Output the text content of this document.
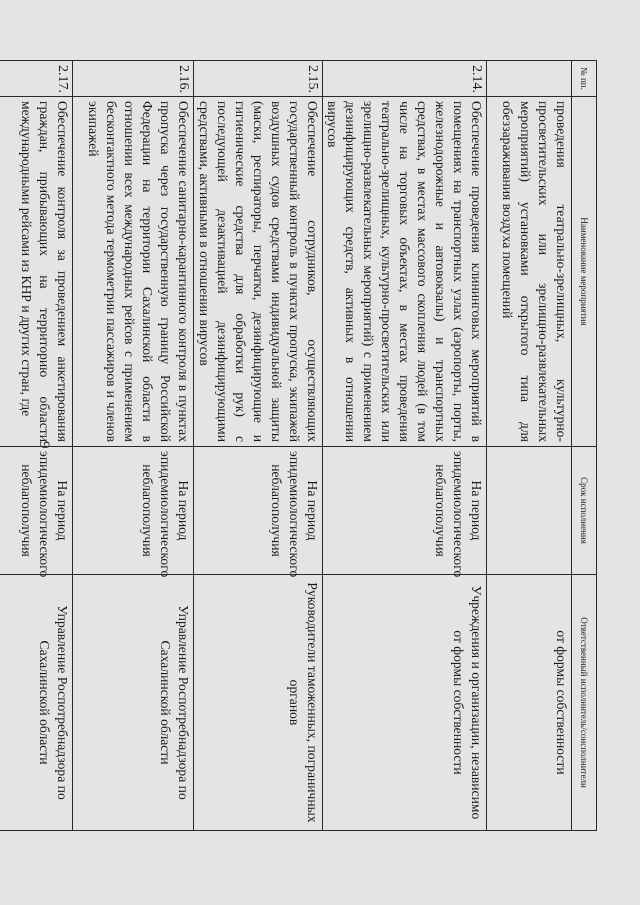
9
№ пп.	Наименование мероприятия	Срок исполнения	Ответственный исполнитель/соисполнители
	проведения театрально-зрелищных, культурно-просветительских или зрелищно-развлекательных мероприятий) установками открытого типа для обеззараживания воздуха помещений		от формы собственности
2.14.	Обеспечение проведения клининговых мероприятий в помещениях на транспортных узлах (аэропорты, порты, железнодорожные и автовокзалы) и транспортных средствах, в местах массового скопления людей (в том числе на торговых объектах, в местах проведения театрально-зрелищных, культурно-просветительских или зрелищно-развлекательных мероприятий) с применением дезинфицирующих средств, активных в отношении вирусов	На период эпидемиологического неблагополучия	Учреждения и организации, независимо от формы собственности
2.15.	Обеспечение сотрудников, осуществляющих государственный контроль в пунктах пропуска, экипажей воздушных судов средствами индивидуальной защиты (маски, респираторы, перчатки, дезинфицирующие и гигиенические средства для обработки рук) с последующей дезактивацией дезинфицирующими средствами, активными в отношении вирусов	На период эпидемиологического неблагополучия	Руководители таможенных, пограничных органов
2.16.	Обеспечение санитарно-карантинного контроля в пунктах пропуска через государственную границу Российской Федерации на территории Сахалинской области в отношении всех международных рейсов с применением бесконтактного метода термометрии пассажиров и членов экипажей	На период эпидемиологического неблагополучия	Управление Роспотребнадзора по Сахалинской области
2.17.	Обеспечение контроля за проведением анкетирования граждан, прибывающих на территорию области международными рейсами из КНР и других стран, где	На период эпидемиологического неблагополучия	Управление Роспотребнадзора по Сахалинской области
